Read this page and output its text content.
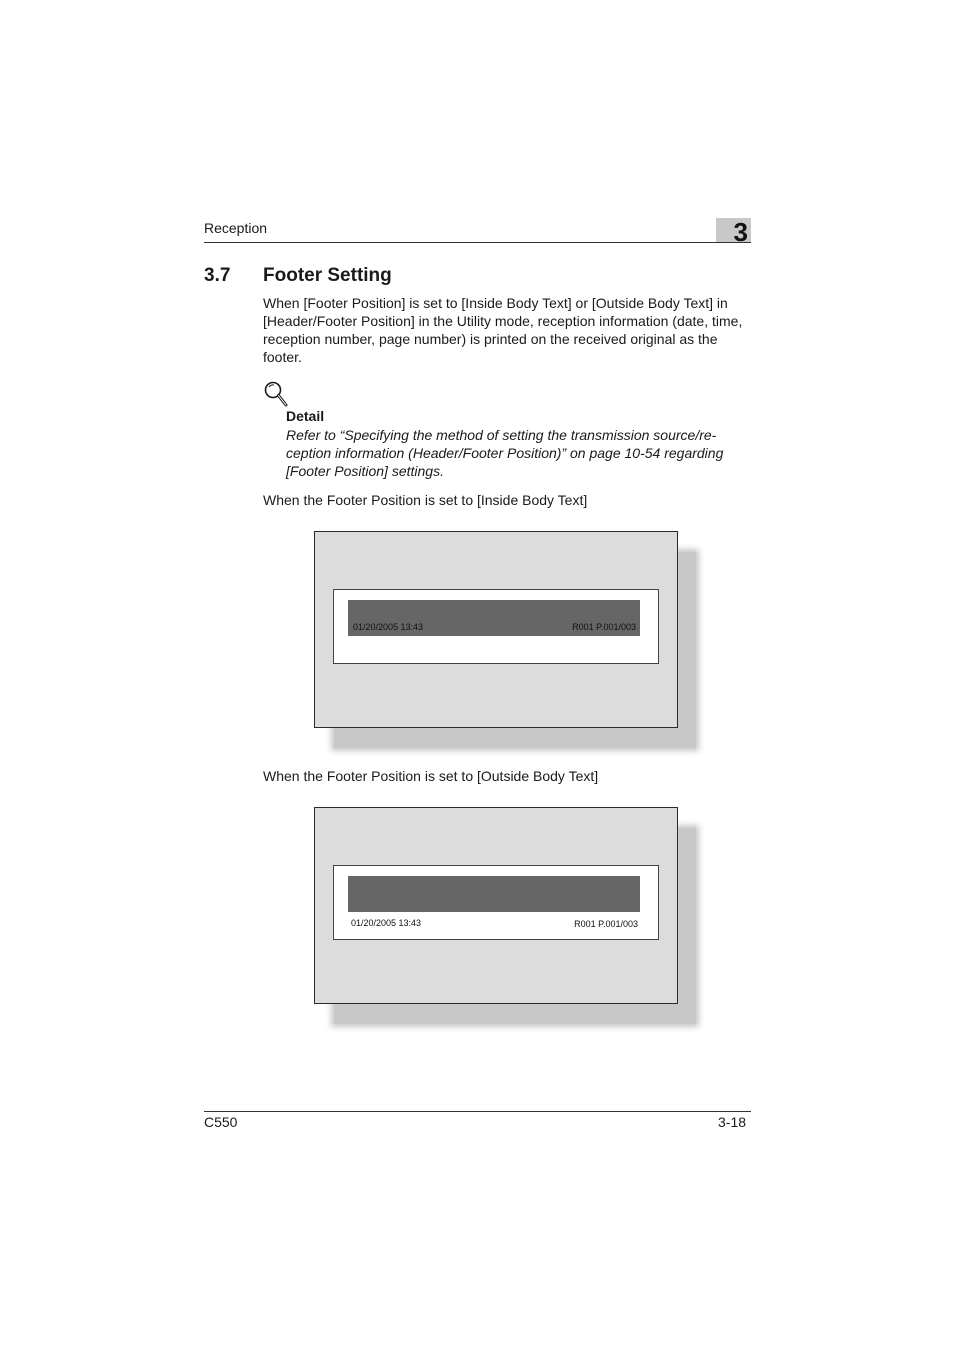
Reception	3
3.7 Footer Setting
When [Footer Position] is set to [Inside Body Text] or [Outside Body Text] in [Header/Footer Position] in the Utility mode, reception information (date, time, reception number, page number) is printed on the received original as the footer.
Detail
Refer to “Specifying the method of setting the transmission source/re-ception information (Header/Footer Position)” on page 10-54 regarding [Footer Position] settings.
When the Footer Position is set to [Inside Body Text]
01/20/2005 13:43	R001 P.001/003
When the Footer Position is set to [Outside Body Text]
01/20/2005 13:43	R001 P.001/003
C550	3-18
